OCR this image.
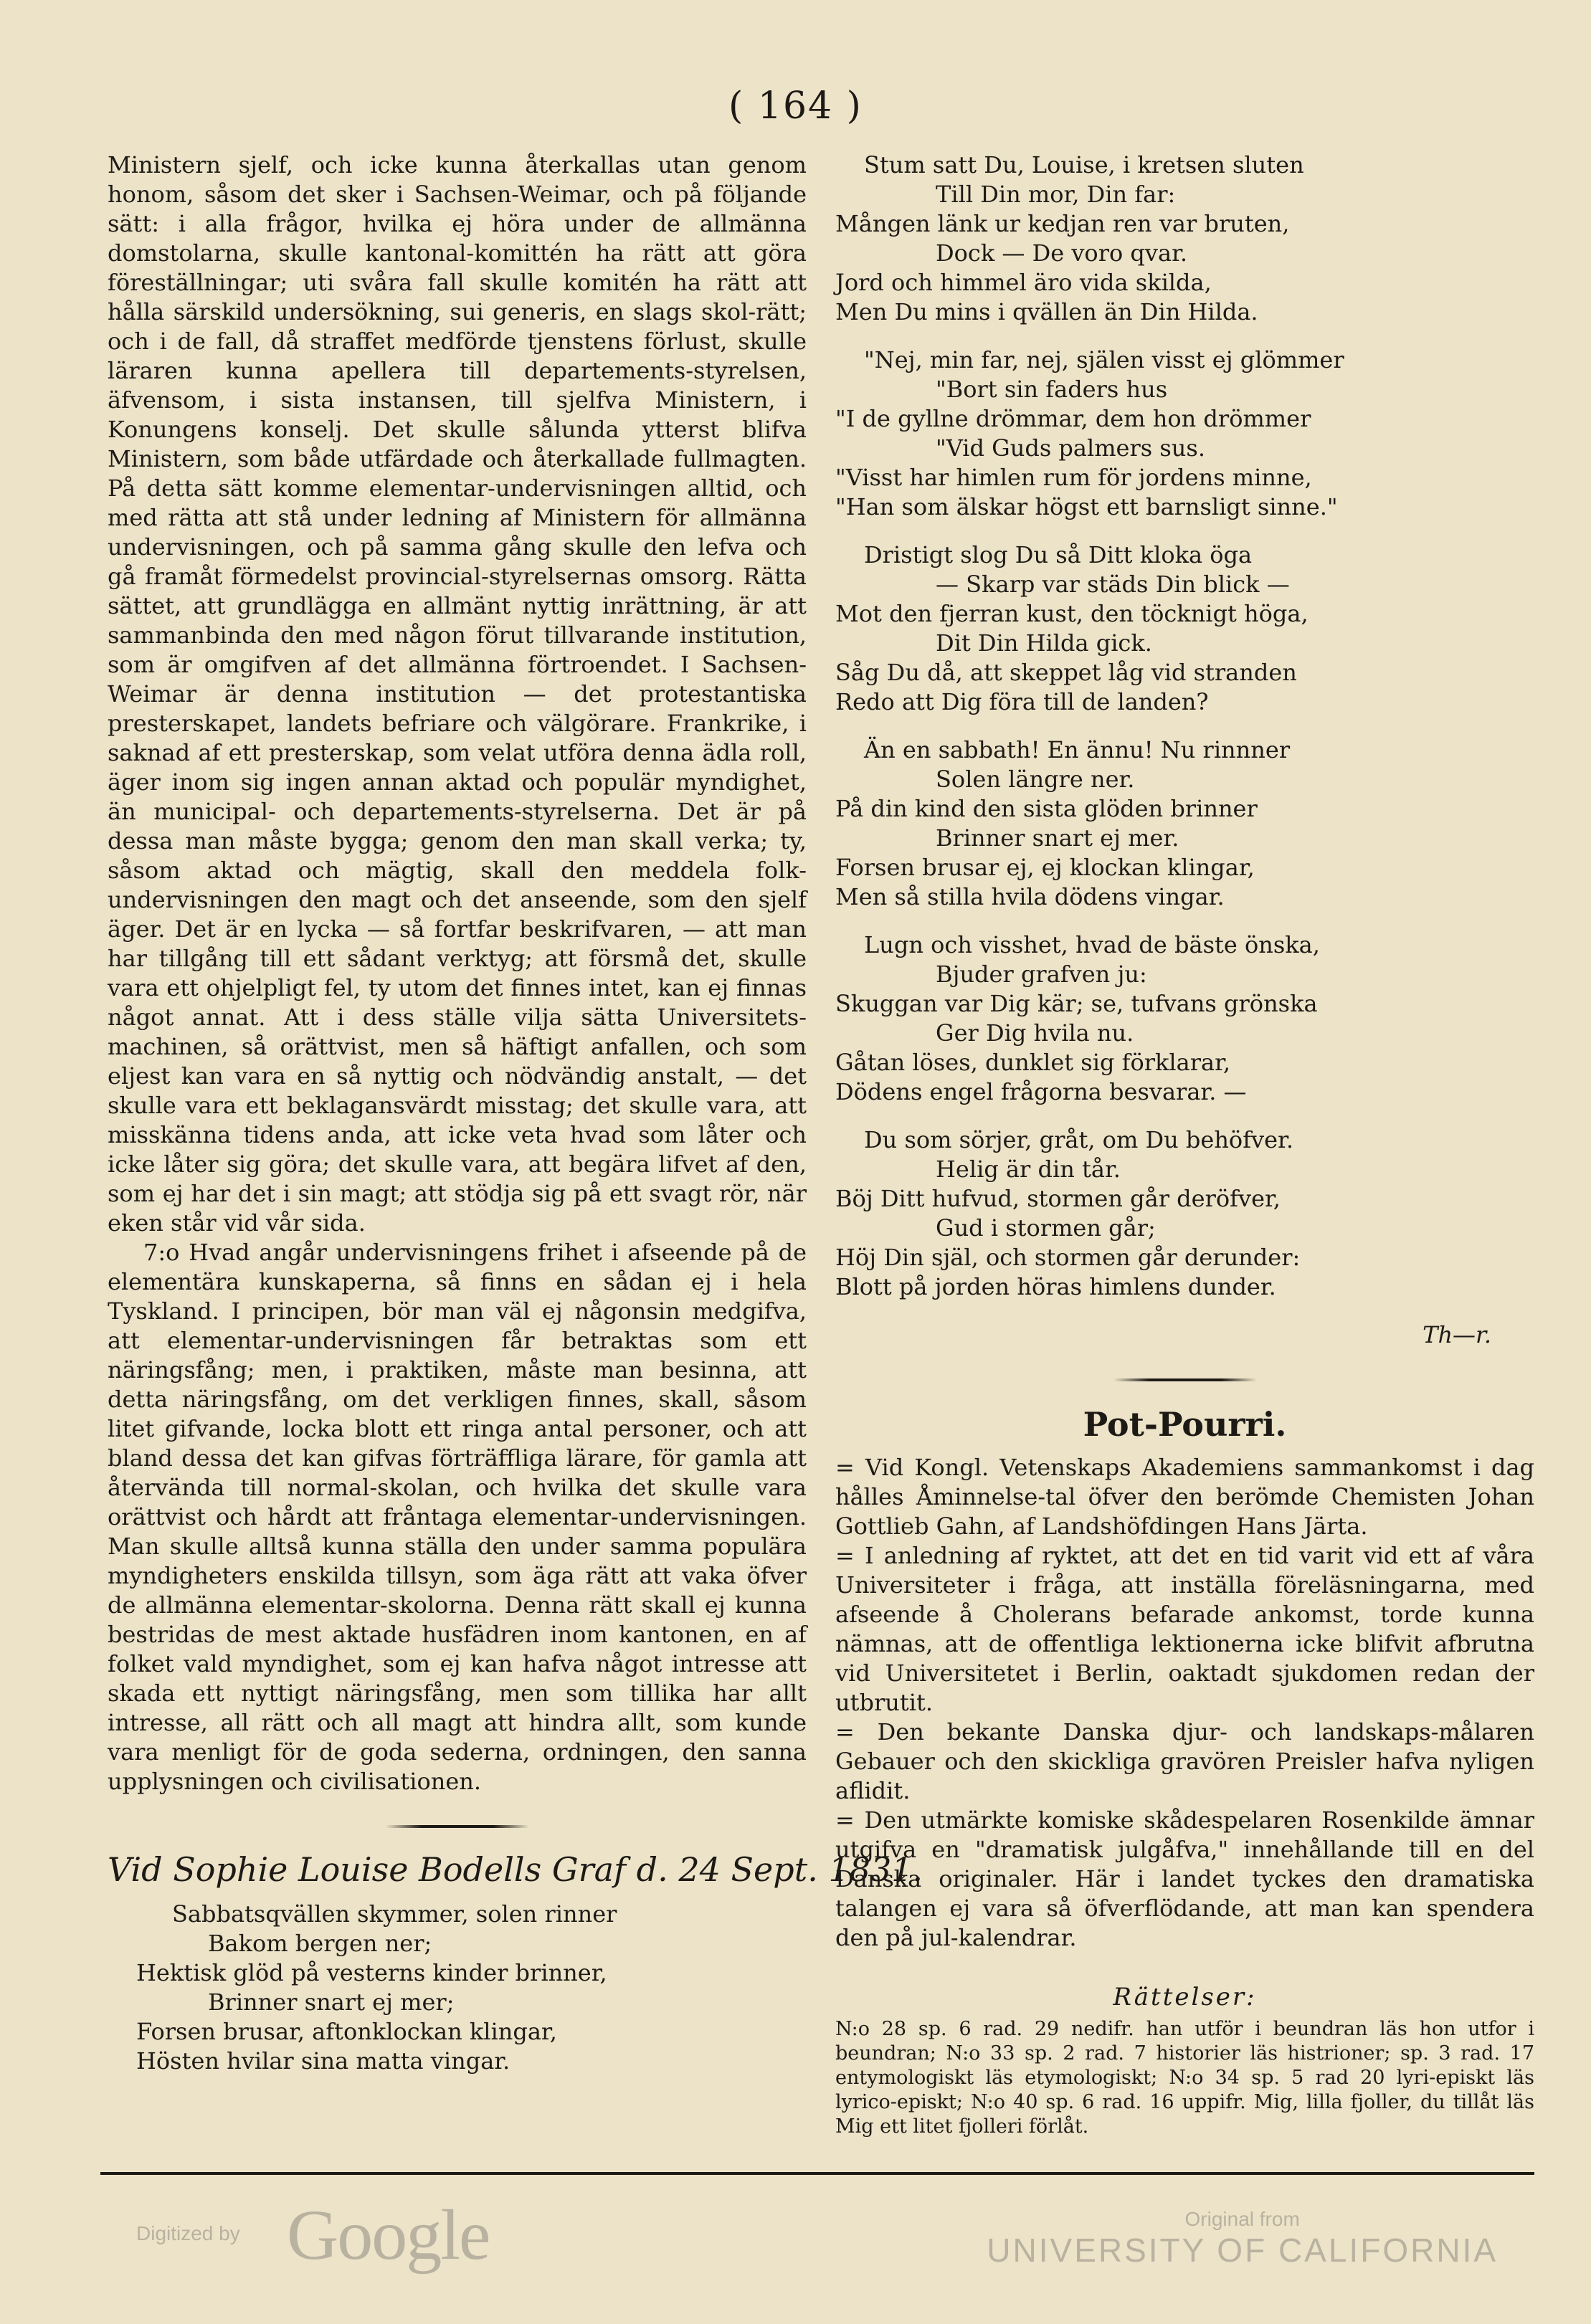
( 164 )

Ministern sjelf, och icke kunna återkallas utan genom honom, såsom det sker i Sachsen-Weimar, och på följande sätt: i alla frågor, hvilka ej höra under de allmänna domstolarna, skulle kantonal-komittén ha rätt att göra föreställningar; uti svåra fall skulle komitén ha rätt att hålla särskild undersökning, sui generis, en slags skol-rätt; och i de fall, då straffet medförde tjenstens förlust, skulle läraren kunna apellera till departements-styrelsen, äfvensom, i sista instansen, till sjelfva Ministern, i Konungens konselj. Det skulle sålunda ytterst blifva Ministern, som både utfärdade och återkallade fullmagten. På detta sätt komme elementar-undervisningen alltid, och med rätta att stå under ledning af Ministern för allmänna undervisningen, och på samma gång skulle den lefva och gå framåt förmedelst provincial-styrelsernas omsorg. Rätta sättet, att grundlägga en allmänt nyttig inrättning, är att sammanbinda den med någon förut tillvarande institution, som är omgifven af det allmänna förtroendet. I Sachsen-Weimar är denna institution — det protestantiska presterskapet, landets befriare och välgörare. Frankrike, i saknad af ett presterskap, som velat utföra denna ädla roll, äger inom sig ingen annan aktad och populär myndighet, än municipal- och departements-styrelserna. Det är på dessa man måste bygga; genom den man skall verka; ty, såsom aktad och mägtig, skall den meddela folk-undervisningen den magt och det anseende, som den sjelf äger. Det är en lycka — så fortfar beskrifvaren, — att man har tillgång till ett sådant verktyg; att försmå det, skulle vara ett ohjelpligt fel, ty utom det finnes intet, kan ej finnas något annat. Att i dess ställe vilja sätta Universitets-machinen, så orättvist, men så häftigt anfallen, och som eljest kan vara en så nyttig och nödvändig anstalt, — det skulle vara ett beklagansvärdt misstag; det skulle vara, att misskänna tidens anda, att icke veta hvad som låter och icke låter sig göra; det skulle vara, att begära lifvet af den, som ej har det i sin magt; att stödja sig på ett svagt rör, när eken står vid vår sida.

7:o Hvad angår undervisningens frihet i afseende på de elementära kunskaperna, så finns en sådan ej i hela Tyskland. I principen, bör man väl ej någonsin medgifva, att elementar-undervisningen får betraktas som ett näringsfång; men, i praktiken, måste man besinna, att detta näringsfång, om det verkligen finnes, skall, såsom litet gifvande, locka blott ett ringa antal personer, och att bland dessa det kan gifvas förträffliga lärare, för gamla att återvända till normal-skolan, och hvilka det skulle vara orättvist och hårdt att fråntaga elementar-undervisningen. Man skulle alltså kunna ställa den under samma populära myndigheters enskilda tillsyn, som äga rätt att vaka öfver de allmänna elementar-skolorna. Denna rätt skall ej kunna bestridas de mest aktade husfädren inom kantonen, en af folket vald myndighet, som ej kan hafva något intresse att skada ett nyttigt näringsfång, men som tillika har allt intresse, all rätt och all magt att hindra allt, som kunde vara menligt för de goda sederna, ordningen, den sanna upplysningen och civilisationen.

Vid Sophie Louise Bodells Graf d. 24 Sept. 1831.
Sabbatsqvällen skymmer, solen rinner
Bakom bergen ner;
Hektisk glöd på vesterns kinder brinner,
Brinner snart ej mer;
Forsen brusar, aftonklockan klingar,
Hösten hvilar sina matta vingar.
Stum satt Du, Louise, i kretsen sluten
Till Din mor, Din far:
Mången länk ur kedjan ren var bruten,
Dock — De voro qvar.
Jord och himmel äro vida skilda,
Men Du mins i qvällen än Din Hilda.
"Nej, min far, nej, själen visst ej glömmer
"Bort sin faders hus
"I de gyllne drömmar, dem hon drömmer
"Vid Guds palmers sus.
"Visst har himlen rum för jordens minne,
"Han som älskar högst ett barnsligt sinne."
Dristigt slog Du så Ditt kloka öga
— Skarp var städs Din blick —
Mot den fjerran kust, den töcknigt höga,
Dit Din Hilda gick.
Såg Du då, att skeppet låg vid stranden
Redo att Dig föra till de landen?
Än en sabbath! En ännu! Nu rinnner
Solen längre ner.
På din kind den sista glöden brinner
Brinner snart ej mer.
Forsen brusar ej, ej klockan klingar,
Men så stilla hvila dödens vingar.
Lugn och visshet, hvad de bäste önska,
Bjuder grafven ju:
Skuggan var Dig kär; se, tufvans grönska
Ger Dig hvila nu.
Gåtan löses, dunklet sig förklarar,
Dödens engel frågorna besvarar. —
Du som sörjer, gråt, om Du behöfver.
Helig är din tår.
Böj Ditt hufvud, stormen går deröfver,
Gud i stormen går;
Höj Din själ, och stormen går derunder:
Blott på jorden höras himlens dunder.
Th—r.
Pot-Pourri.

= Vid Kongl. Vetenskaps Akademiens sammankomst i dag hålles Åminnelse-tal öfver den berömde Chemisten Johan Gottlieb Gahn, af Landshöfdingen Hans Järta.

= I anledning af ryktet, att det en tid varit vid ett af våra Universiteter i fråga, att inställa föreläsningarna, med afseende å Cholerans befarade ankomst, torde kunna nämnas, att de offentliga lektionerna icke blifvit afbrutna vid Universitetet i Berlin, oaktadt sjukdomen redan der utbrutit.

= Den bekante Danska djur- och landskaps-målaren Gebauer och den skickliga gravören Preisler hafva nyligen aflidit.

= Den utmärkte komiske skådespelaren Rosenkilde ämnar utgifva en "dramatisk julgåfva," innehållande till en del Danska originaler. Här i landet tyckes den dramatiska talangen ej vara så öfverflödande, att man kan spendera den på jul-kalendrar.

Rättelser:
N:o 28 sp. 6 rad. 29 nedifr. han utför i beundran läs hon utfor i beundran; N:o 33 sp. 2 rad. 7 historier läs histrioner; sp. 3 rad. 17 entymologiskt läs etymologiskt; N:o 34 sp. 5 rad 20 lyri-episkt läs lyrico-episkt; N:o 40 sp. 6 rad. 16 uppifr. Mig, lilla fjoller, du tillåt läs Mig ett litet fjolleri förlåt.
Digitized by Google	Original from
UNIVERSITY OF CALIFORNIA
